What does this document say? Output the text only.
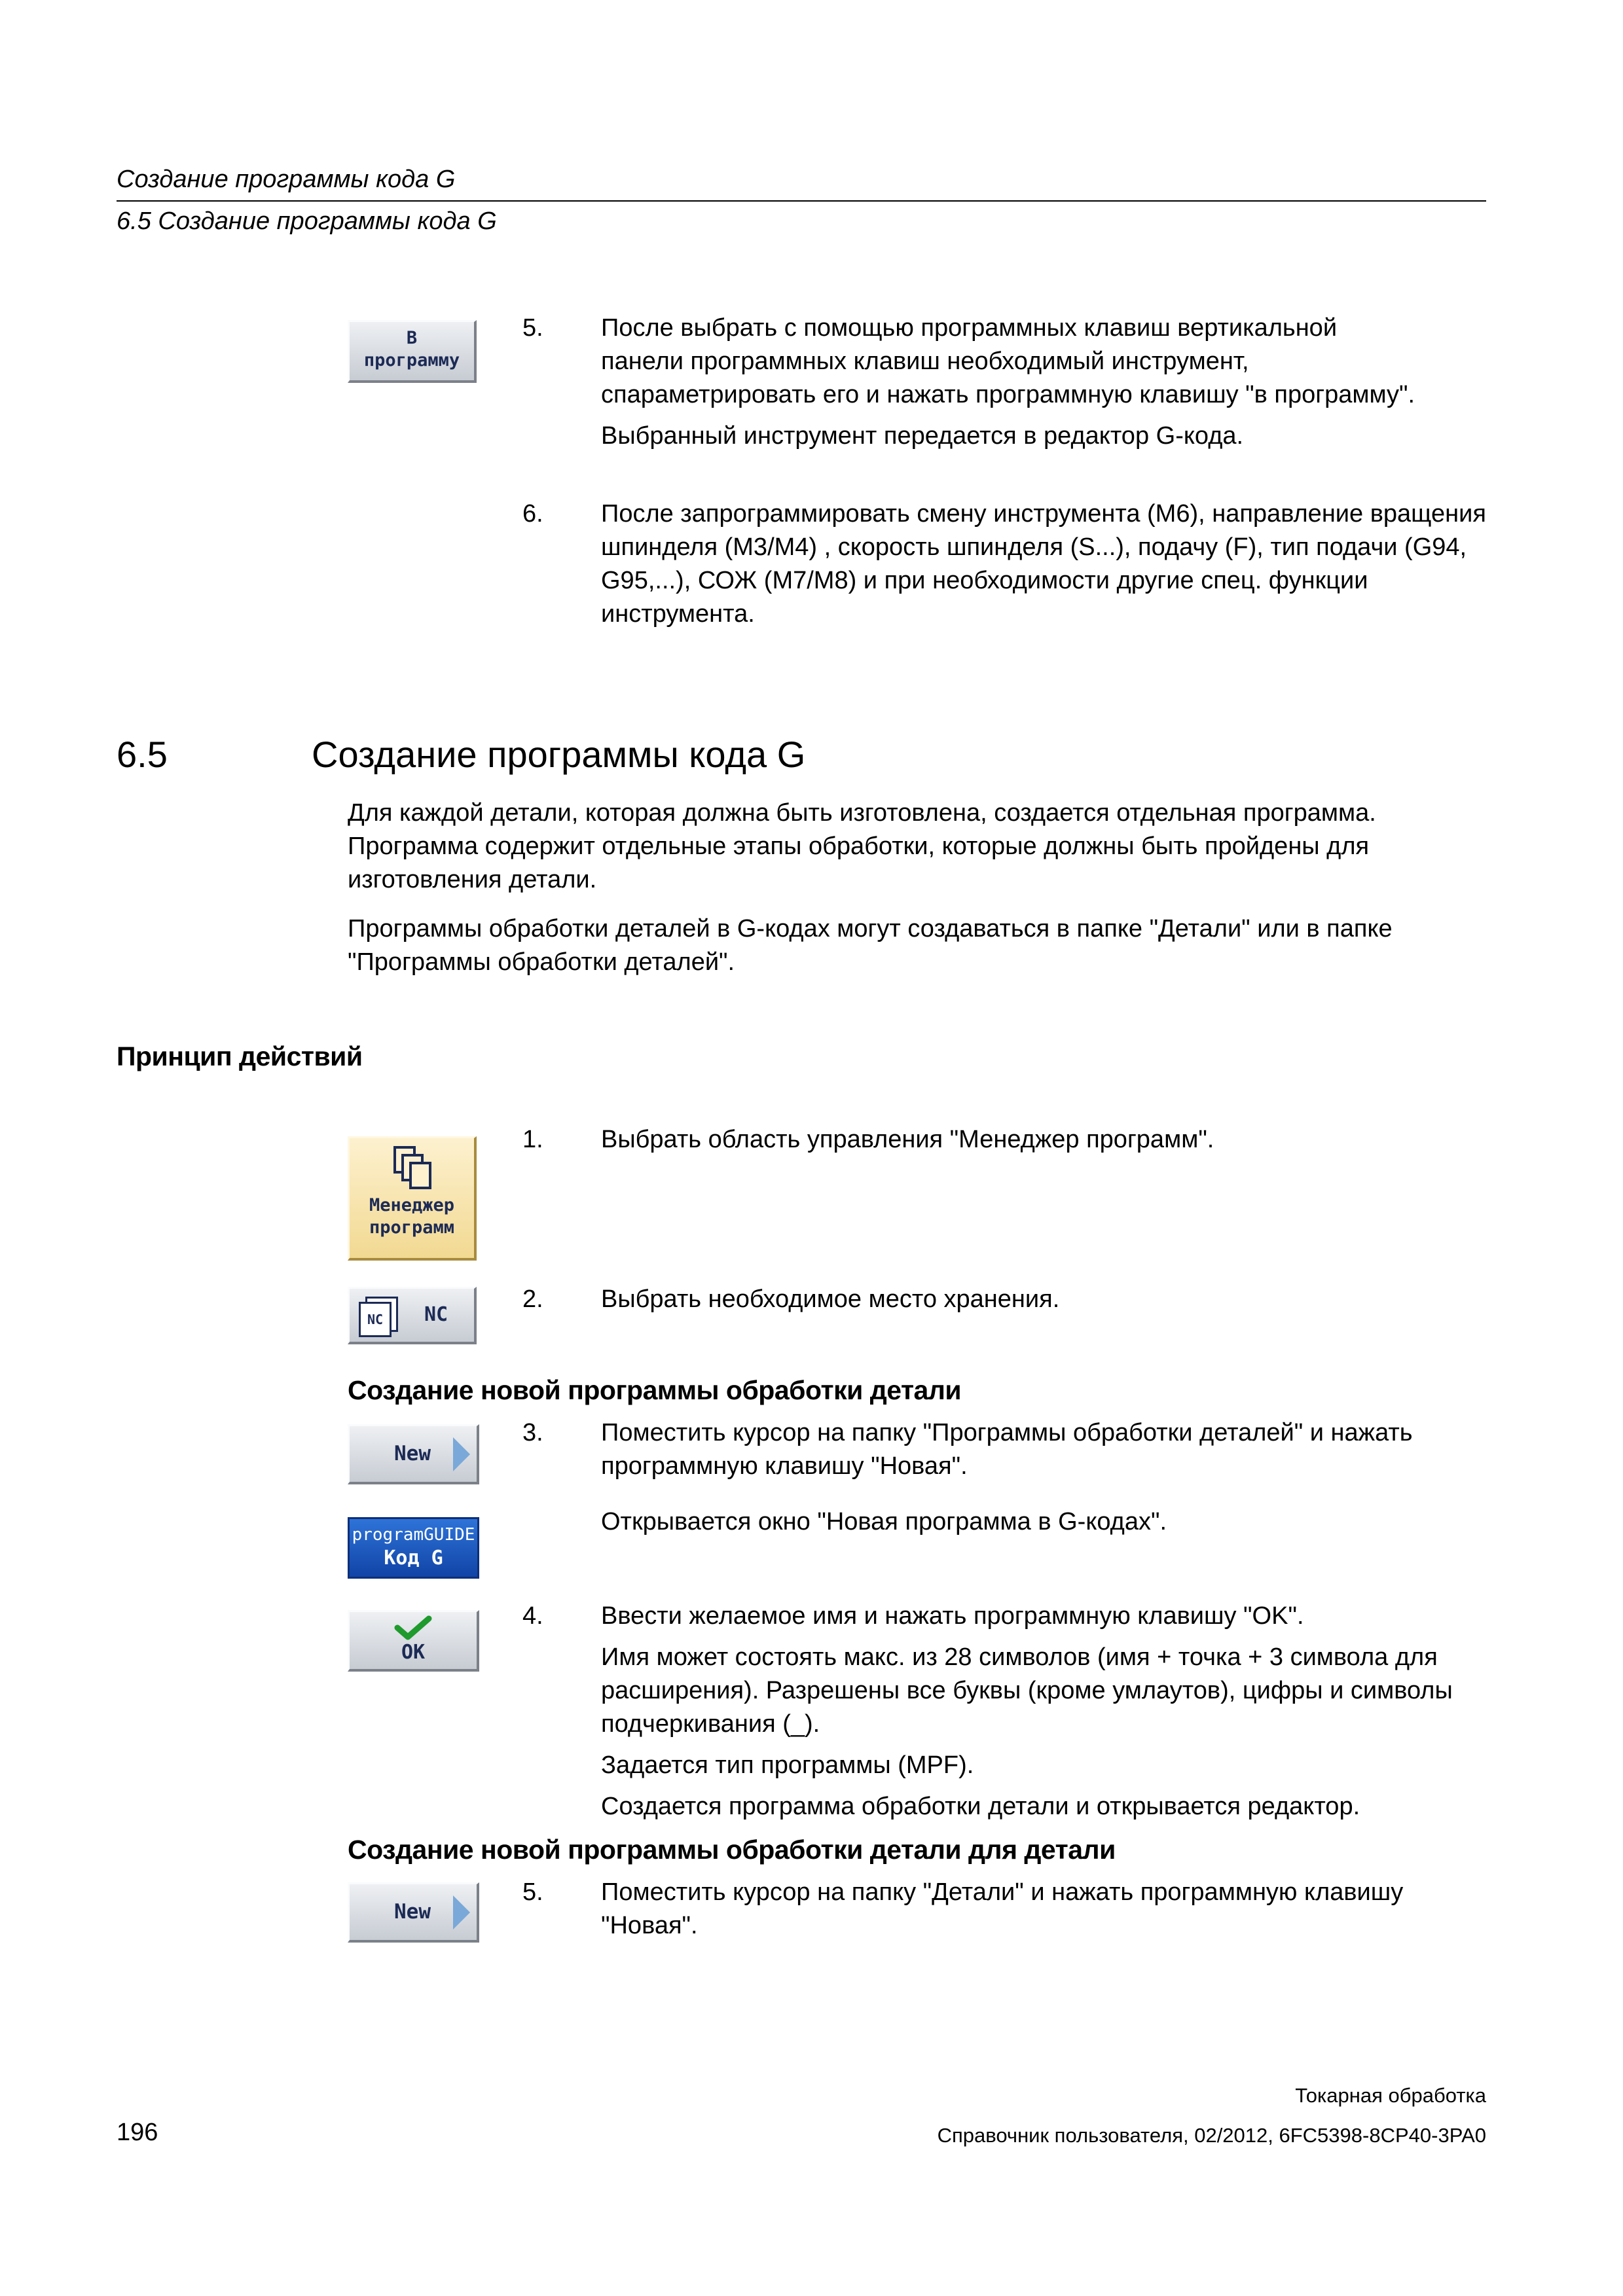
Создание программы кода G
6.5 Создание программы кода G
В
программу
5. После выбрать с помощью программных клавиш вертикальной панели программных клавиш необходимый инструмент, спараметрировать его и нажать программную клавишу "в программу".

Выбранный инструмент передается в редактор G-кода.

6. После запрограммировать смену инструмента (M6), направление вращения шпинделя (M3/M4) , скорость шпинделя (S...), подачу (F), тип подачи (G94, G95,...), СОЖ (M7/M8) и при необходимости другие спец. функции инструмента.

6.5	Создание программы кода G

Для каждой детали, которая должна быть изготовлена, создается отдельная программа. Программа содержит отдельные этапы обработки, которые должны быть пройдены для изготовления детали.

Программы обработки деталей в G-кодах могут создаваться в папке "Детали" или в папке "Программы обработки деталей".

Принцип действий
Менеджер
программ
1. Выбрать область управления "Менеджер программ".
NC	NC
2. Выбрать необходимое место хранения.
Создание новой программы обработки детали
New
3. Поместить курсор на папку "Программы обработки деталей" и нажать программную клавишу "Новая".
programGUIDE
Код G
Открывается окно "Новая программа в G-кодах".
OK
4. Ввести желаемое имя и нажать программную клавишу "OK".

Имя может состоять макс. из 28 символов (имя + точка + 3 символа для расширения). Разрешены все буквы (кроме умлаутов), цифры и символы подчеркивания (_).

Задается тип программы (MPF).

Создается программа обработки детали и открывается редактор.

Создание новой программы обработки детали для детали
New
5. Поместить курсор на папку "Детали" и нажать программную клавишу "Новая".
Токарная обработка
196	Справочник пользователя, 02/2012, 6FC5398-8CP40-3PA0
